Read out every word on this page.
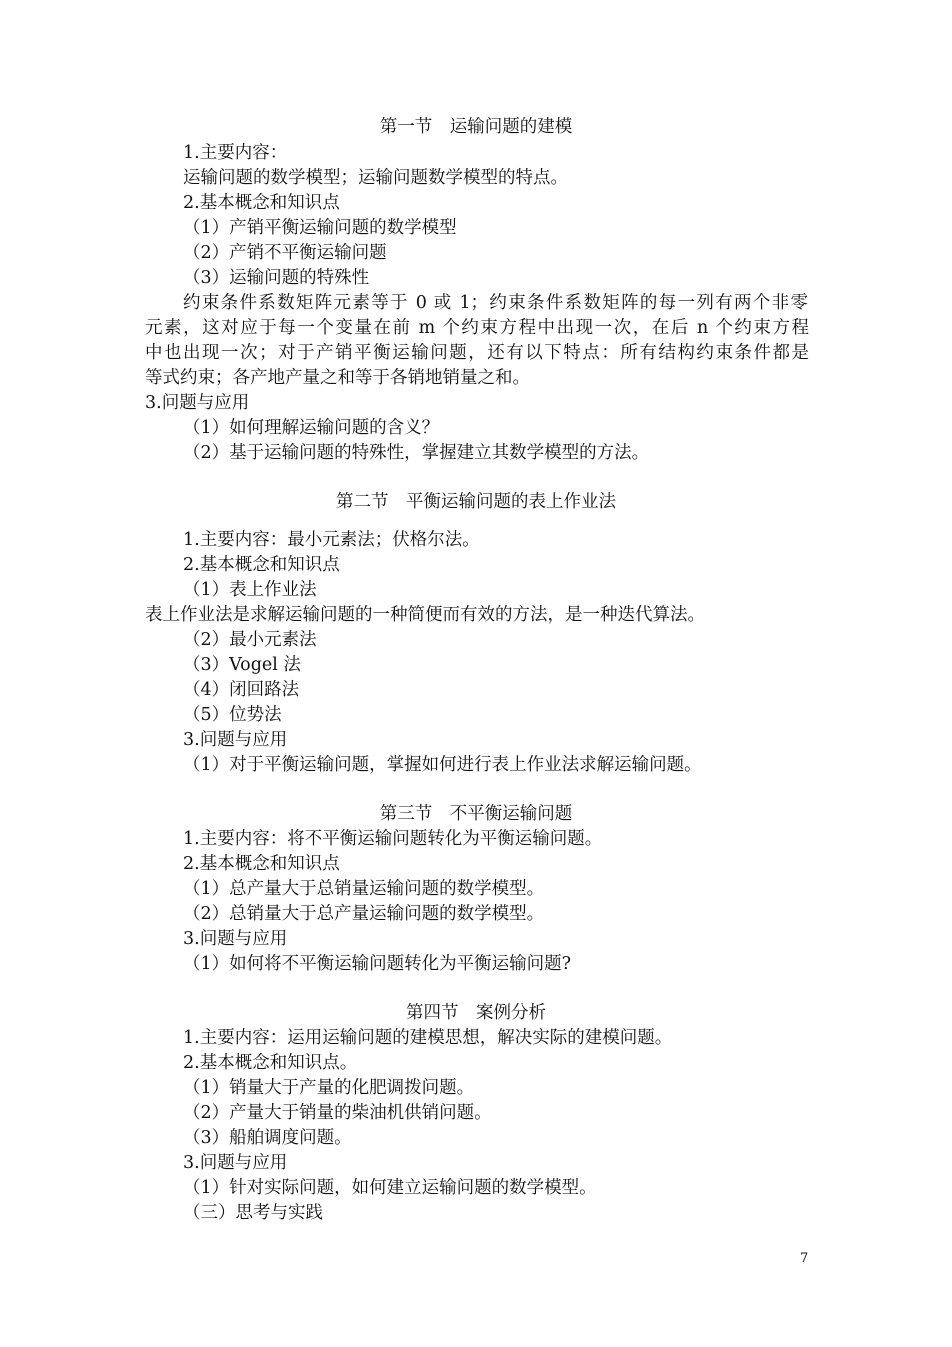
第一节　运输问题的建模
1.主要内容：
运输问题的数学模型；运输问题数学模型的特点。
2.基本概念和知识点
（1）产销平衡运输问题的数学模型
（2）产销不平衡运输问题
（3）运输问题的特殊性
约束条件系数矩阵元素等于 0 或 1；约束条件系数矩阵的每一列有两个非零
元素，这对应于每一个变量在前 m 个约束方程中出现一次，在后 n 个约束方程
中也出现一次；对于产销平衡运输问题，还有以下特点：所有结构约束条件都是
等式约束；各产地产量之和等于各销地销量之和。
3.问题与应用
（1）如何理解运输问题的含义？
（2）基于运输问题的特殊性，掌握建立其数学模型的方法。
第二节　平衡运输问题的表上作业法
1.主要内容：最小元素法；伏格尔法。
2.基本概念和知识点
（1）表上作业法
表上作业法是求解运输问题的一种简便而有效的方法，是一种迭代算法。
（2）最小元素法
（3）Vogel 法
（4）闭回路法
（5）位势法
3.问题与应用
（1）对于平衡运输问题，掌握如何进行表上作业法求解运输问题。
第三节　不平衡运输问题
1.主要内容：将不平衡运输问题转化为平衡运输问题。
2.基本概念和知识点
（1）总产量大于总销量运输问题的数学模型。
（2）总销量大于总产量运输问题的数学模型。
3.问题与应用
（1）如何将不平衡运输问题转化为平衡运输问题?
第四节　案例分析
1.主要内容：运用运输问题的建模思想，解决实际的建模问题。
2.基本概念和知识点。
（1）销量大于产量的化肥调拨问题。
（2）产量大于销量的柴油机供销问题。
（3）船舶调度问题。
3.问题与应用
（1）针对实际问题，如何建立运输问题的数学模型。
（三）思考与实践
7
